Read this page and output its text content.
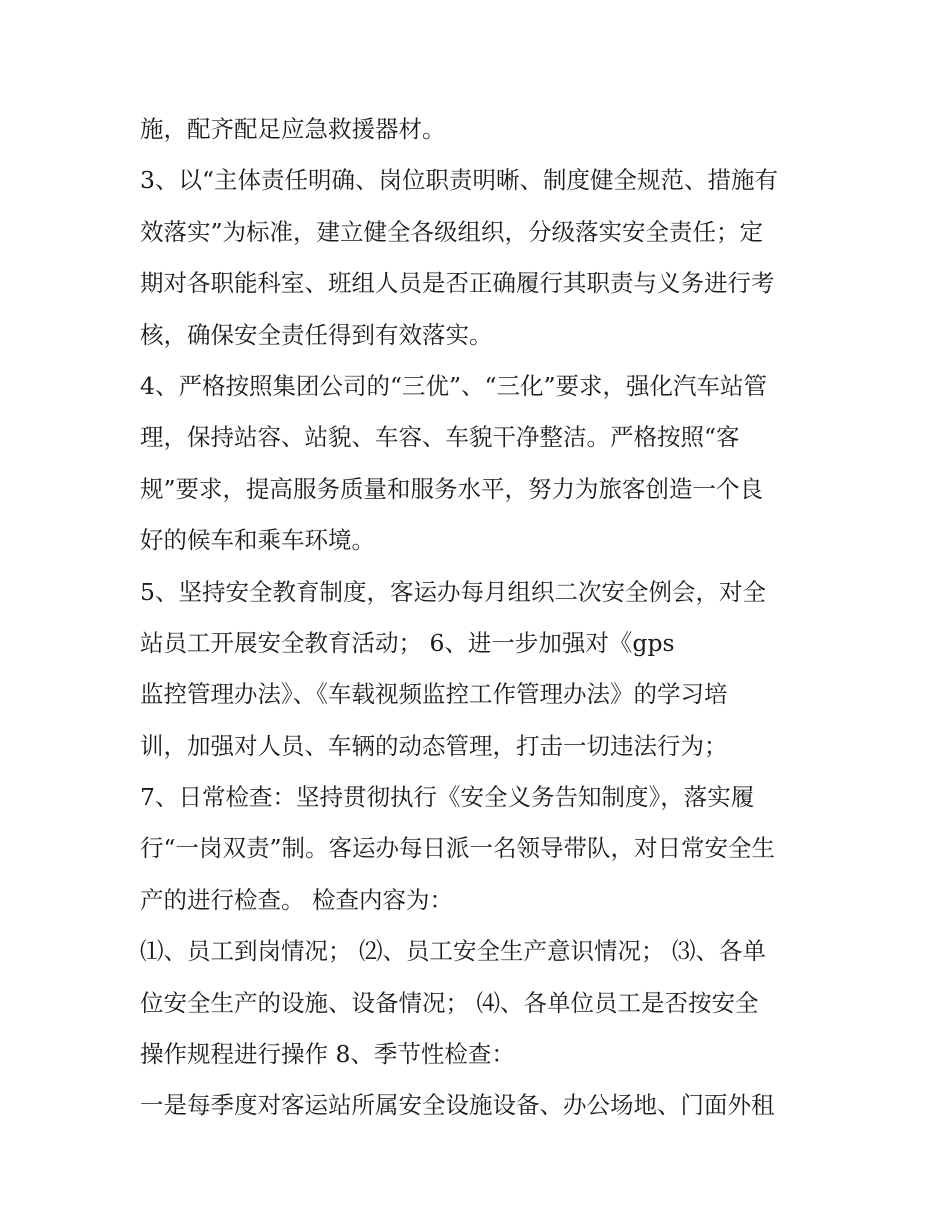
施，配齐配足应急救援器材。
3、以“主体责任明确、岗位职责明晰、制度健全规范、措施有
效落实”为标准，建立健全各级组织，分级落实安全责任；定
期对各职能科室、班组人员是否正确履行其职责与义务进行考
核，确保安全责任得到有效落实。
4、严格按照集团公司的“三优”、“三化”要求，强化汽车站管
理，保持站容、站貌、车容、车貌干净整洁。严格按照“客
规”要求，提高服务质量和服务水平，努力为旅客创造一个良
好的候车和乘车环境。
5、坚持安全教育制度，客运办每月组织二次安全例会，对全
站员工开展安全教育活动； 6、进一步加强对《gps
监控管理办法》、《车载视频监控工作管理办法》的学习培
训，加强对人员、车辆的动态管理，打击一切违法行为；
7、日常检查：坚持贯彻执行《安全义务告知制度》，落实履
行“一岗双责”制。客运办每日派一名领导带队，对日常安全生
产的进行检查。 检查内容为：
⑴、员工到岗情况； ⑵、员工安全生产意识情况； ⑶、各单
位安全生产的设施、设备情况； ⑷、各单位员工是否按安全
操作规程进行操作 8、季节性检查：
一是每季度对客运站所属安全设施设备、办公场地、门面外租
